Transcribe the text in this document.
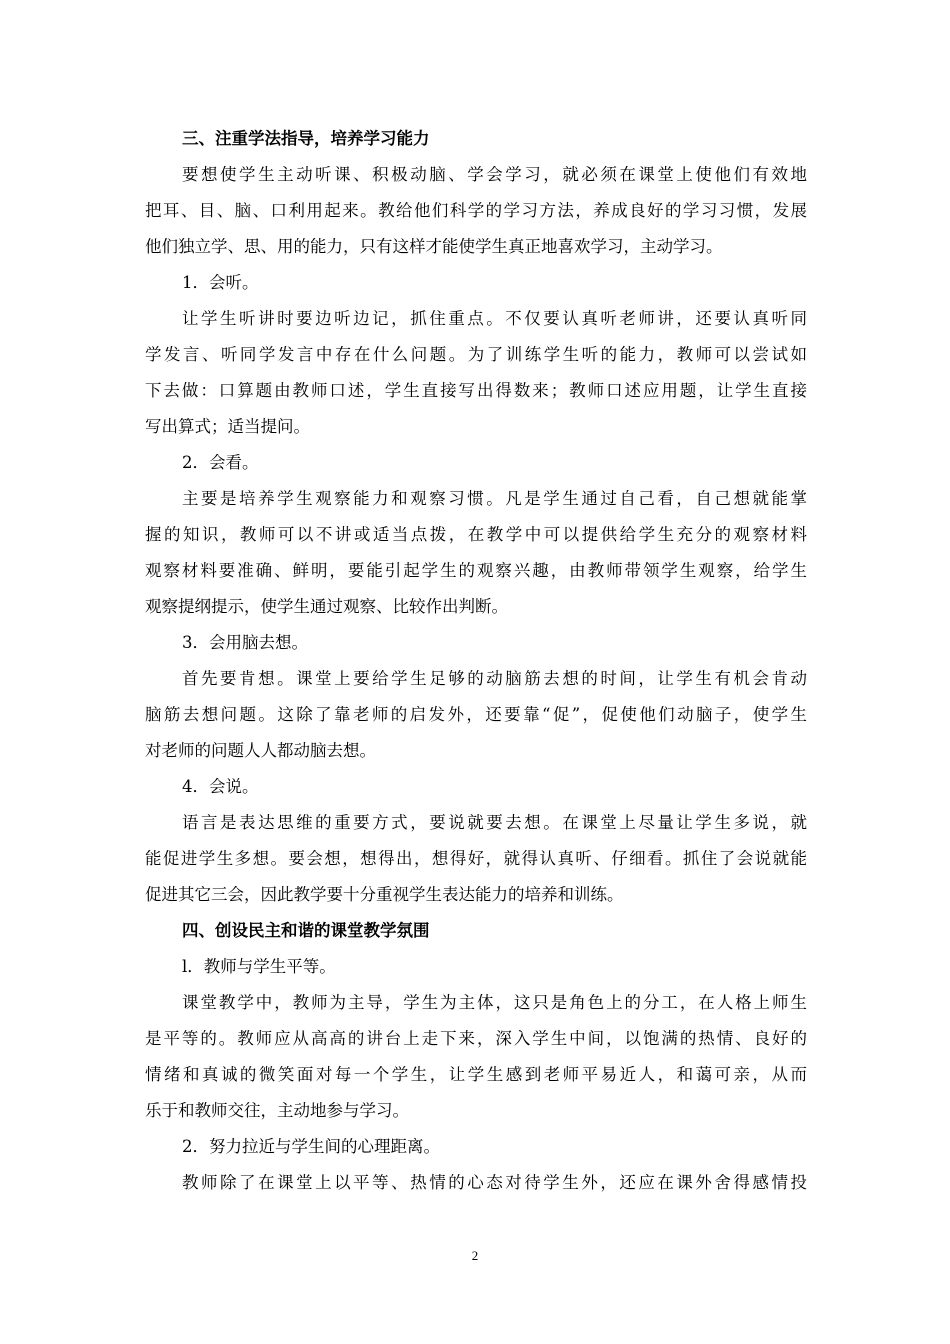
三、注重学法指导，培养学习能力
要想使学生主动听课、积极动脑、学会学习，就必须在课堂上使他们有效地
把耳、目、脑、口利用起来。教给他们科学的学习方法，养成良好的学习习惯，发展
他们独立学、思、用的能力，只有这样才能使学生真正地喜欢学习，主动学习。
1．会听。
让学生听讲时要边听边记，抓住重点。不仅要认真听老师讲，还要认真听同
学发言、听同学发言中存在什么问题。为了训练学生听的能力，教师可以尝试如
下去做：口算题由教师口述，学生直接写出得数来；教师口述应用题，让学生直接
写出算式；适当提问。
2．会看。
主要是培养学生观察能力和观察习惯。凡是学生通过自己看，自己想就能掌
握的知识，教师可以不讲或适当点拨，在教学中可以提供给学生充分的观察材料
观察材料要准确、鲜明，要能引起学生的观察兴趣，由教师带领学生观察，给学生
观察提纲提示，使学生通过观察、比较作出判断。
3．会用脑去想。
首先要肯想。课堂上要给学生足够的动脑筋去想的时间，让学生有机会肯动
脑筋去想问题。这除了靠老师的启发外，还要靠“促”，促使他们动脑子，使学生
对老师的问题人人都动脑去想。
4．会说。
语言是表达思维的重要方式，要说就要去想。在课堂上尽量让学生多说，就
能促进学生多想。要会想，想得出，想得好，就得认真听、仔细看。抓住了会说就能
促进其它三会，因此教学要十分重视学生表达能力的培养和训练。
四、创设民主和谐的课堂教学氛围
l．教师与学生平等。
课堂教学中，教师为主导，学生为主体，这只是角色上的分工，在人格上师生
是平等的。教师应从高高的讲台上走下来，深入学生中间，以饱满的热情、良好的
情绪和真诚的微笑面对每一个学生，让学生感到老师平易近人，和蔼可亲，从而
乐于和教师交往，主动地参与学习。
2．努力拉近与学生间的心理距离。
教师除了在课堂上以平等、热情的心态对待学生外，还应在课外舍得感情投
2
